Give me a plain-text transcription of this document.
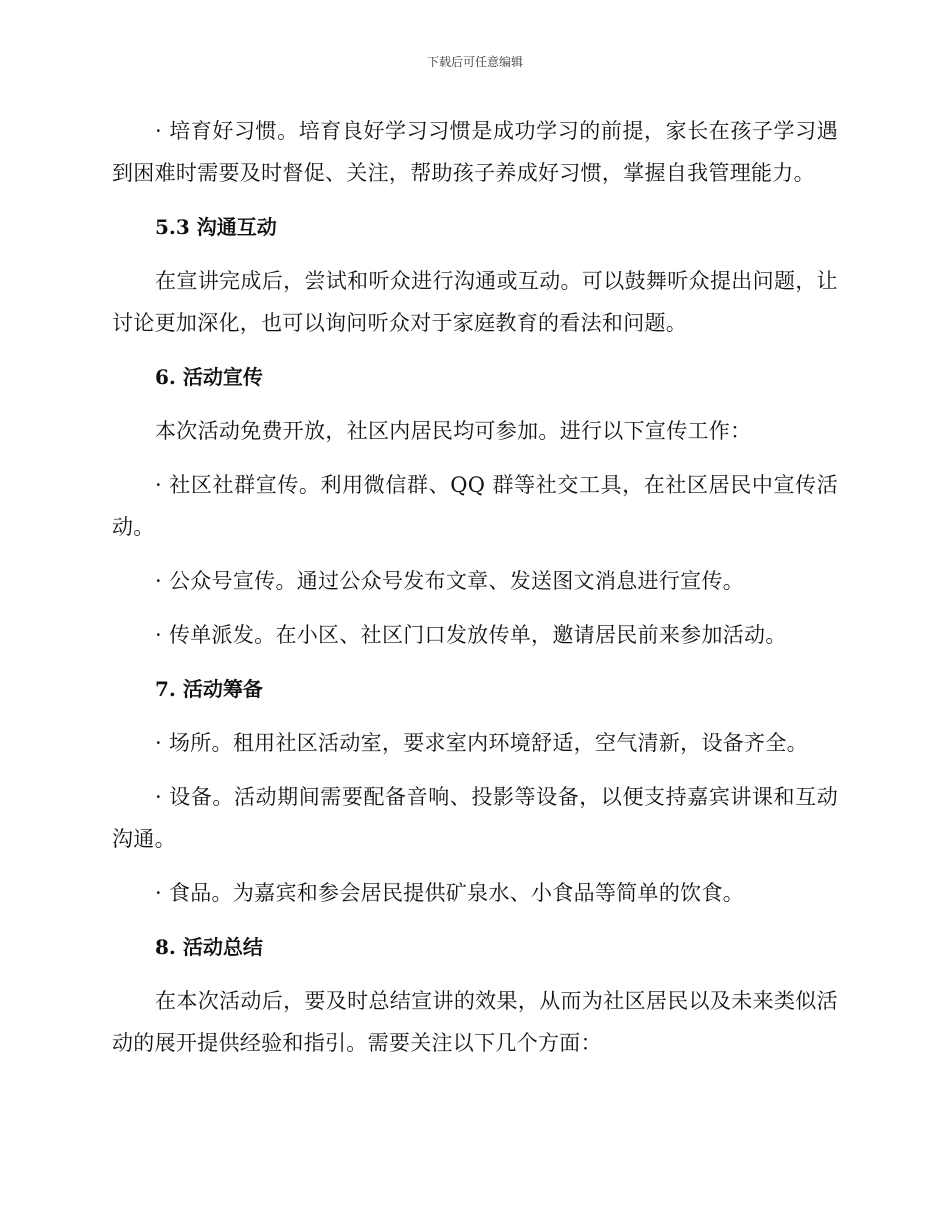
下载后可任意编辑

· 培育好习惯。培育良好学习习惯是成功学习的前提，家长在孩子学习遇到困难时需要及时督促、关注，帮助孩子养成好习惯，掌握自我管理能力。

5.3 沟通互动

在宣讲完成后，尝试和听众进行沟通或互动。可以鼓舞听众提出问题，让讨论更加深化，也可以询问听众对于家庭教育的看法和问题。

6. 活动宣传

本次活动免费开放，社区内居民均可参加。进行以下宣传工作：

· 社区社群宣传。利用微信群、QQ 群等社交工具，在社区居民中宣传活动。

· 公众号宣传。通过公众号发布文章、发送图文消息进行宣传。

· 传单派发。在小区、社区门口发放传单，邀请居民前来参加活动。

7. 活动筹备

· 场所。租用社区活动室，要求室内环境舒适，空气清新，设备齐全。

· 设备。活动期间需要配备音响、投影等设备，以便支持嘉宾讲课和互动沟通。

· 食品。为嘉宾和参会居民提供矿泉水、小食品等简单的饮食。

8. 活动总结

在本次活动后，要及时总结宣讲的效果，从而为社区居民以及未来类似活动的展开提供经验和指引。需要关注以下几个方面：
